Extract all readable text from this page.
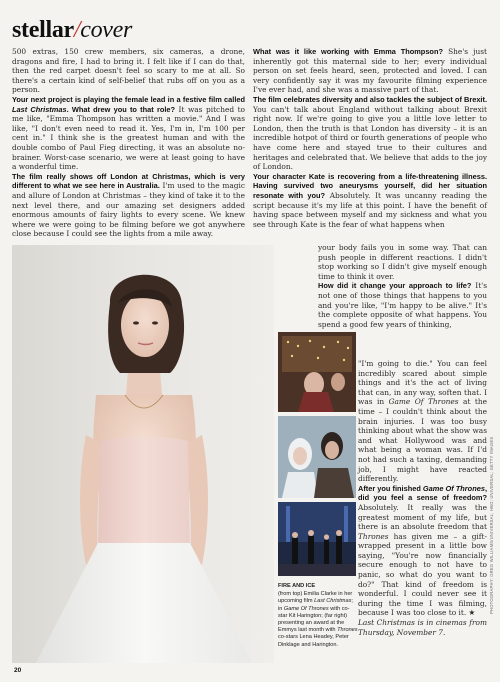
stellar/cover

500 extras, 150 crew members, six cameras, a drone, dragons and fire, I had to bring it. I felt like if I can do that, then the red carpet doesn't feel so scary to me at all. So there's a certain kind of self-belief that rubs off on you as a person.

Your next project is playing the female lead in a festive film called Last Christmas. What drew you to that role? It was pitched to me like, "Emma Thompson has written a movie." And I was like, "I don't even need to read it. Yes, I'm in, I'm 100 per cent in." I think she is the greatest human and with the double combo of Paul Fieg directing, it was an absolute no-brainer. Worst-case scenario, we were at least going to have a wonderful time.

The film really shows off London at Christmas, which is very different to what we see here in Australia. I'm used to the magic and allure of London at Christmas – they kind of take it to the next level there, and our amazing set designers added enormous amounts of fairy lights to every scene. We knew where we were going to be filming before we got anywhere close because I could see the lights from a mile away.

What was it like working with Emma Thompson? She's just inherently got this maternal side to her; every individual person on set feels heard, seen, protected and loved. I can very confidently say it was my favourite filming experience I've ever had, and she was a massive part of that.

The film celebrates diversity and also tackles the subject of Brexit. You can't talk about England without talking about Brexit right now. If we're going to give you a little love letter to London, then the truth is that London has diversity – it is an incredible hotpot of third or fourth generations of people who have come here and stayed true to their cultures and heritages and celebrated that. We believe that adds to the joy of London.

Your character Kate is recovering from a life-threatening illness. Having survived two aneurysms yourself, did her situation resonate with you? Absolutely. It was uncanny reading the script because it's my life at this point. I have the benefit of having space between myself and my sickness and what you see through Kate is the fear of what happens when

your body fails you in some way. That can push people in different reactions. I didn't stop working so I didn't give myself enough time to think it over.

How did it change your approach to life? It's not one of those things that happens to you and you're like, "I'm happy to be alive." It's the complete opposite of what happens. You spend a good few years of thinking,

"I'm going to die." You can feel incredibly scared about simple things and it's the act of living that can, in any way, soften that. I was in Game Of Thrones at the time – I couldn't think about the brain injuries. I was too busy thinking about what the show was and what Hollywood was and what being a woman was. If I'd not had such a taxing, demanding job, I might have reacted differently.

After you finished Game Of Thrones, did you feel a sense of freedom? Absolutely. It really was the greatest moment of my life, but there is an absolute freedom that Thrones has given me – a gift-wrapped present in a little bow saying, "You're now financially secure enough to not have to panic, so what do you want to do?" That kind of freedom is wonderful. I could never see it during the time I was filming, because I was too close to it. ★

Last Christmas is in cinemas from Thursday, November 7.

FIRE AND ICE
(from top) Emilia Clarke in her upcoming film Last Christmas; in Game Of Thrones with co-star Kit Harington; (far right) presenting an award at the Emmys last month with Thrones co-stars Lena Headey, Peter Dinklage and Harington.
PHOTOGRAPHY: GREG WILLIAMS/UNIVERSAL; HBO; UNIVERSAL; GETTY IMAGES
20
